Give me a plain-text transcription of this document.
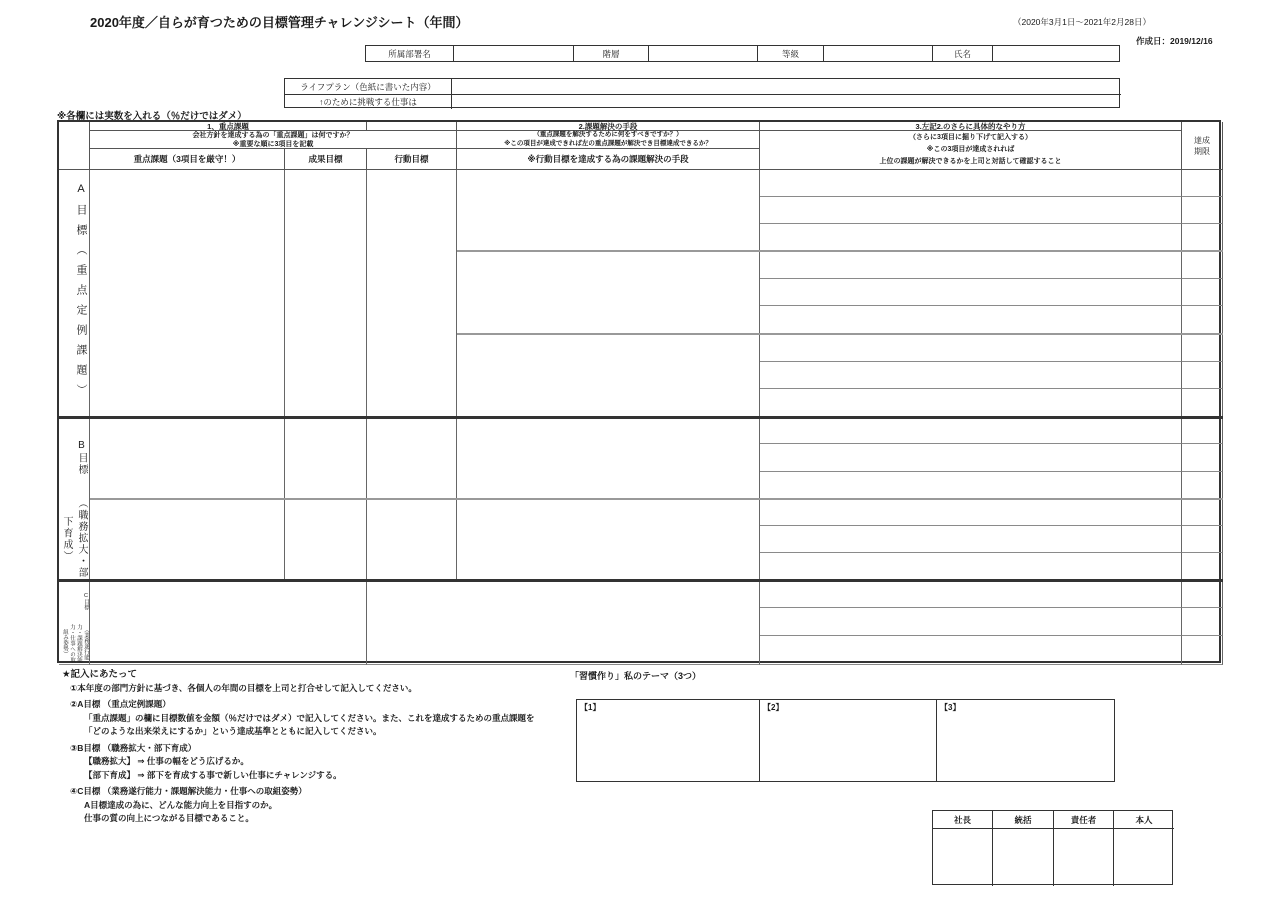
2020年度／自らが育つための目標管理チャレンジシート（年間）	（2020年3月1日～2021年2月28日）
作成日：2019/12/16
所属部署名	階層	等級	氏名
ライフプラン（色紙に書いた内容）
↑のために挑戦する仕事は
※各欄には実数を入れる（％だけではダメ）
1、重点課題
会社方針を達成する為の「重点課題」は何ですか？
※重要な順に3項目を記載
重点課題（3項目を厳守！）	成果目標	行動目標
2.課題解決の手段
（重点課題を解決するために何をすべきですか？）
※この項目が達成できれば左の重点課題が解決でき目標達成できるか？
※行動目標を達成する為の課題解決の手段
3.左記2.のさらに具体的なやり方
（さらに3項目に掘り下げて記入する）
※この3項目が達成されれば
上位の課題が解決できるかを上司と対話して確認すること
達成期限
A目標（重点定例課題）
B目標
（職務拡大・部下育成）
C目標
（業務遂行能力・課題解決能力・仕事への取組み姿勢）
★記入にあたって
①本年度の部門方針に基づき、各個人の年間の目標を上司と打合せして記入してください。
②A目標 （重点定例課題）
「重点課題」の欄に目標数値を金額（％だけではダメ）で記入してください。また、これを達成するための重点課題を
「どのような出来栄えにするか」という達成基準とともに記入してください。
③B目標 （職務拡大・部下育成）
【職務拡大】 ⇒ 仕事の幅をどう広げるか。
【部下育成】 ⇒ 部下を育成する事で新しい仕事にチャレンジする。
④C目標 （業務遂行能力・課題解決能力・仕事への取組姿勢）
A目標達成の為に、どんな能力向上を目指すのか。
仕事の質の向上につながる目標であること。
「習慣作り」私のテーマ（3つ）
【1】	【2】	【3】
社長	統括	責任者	本人
